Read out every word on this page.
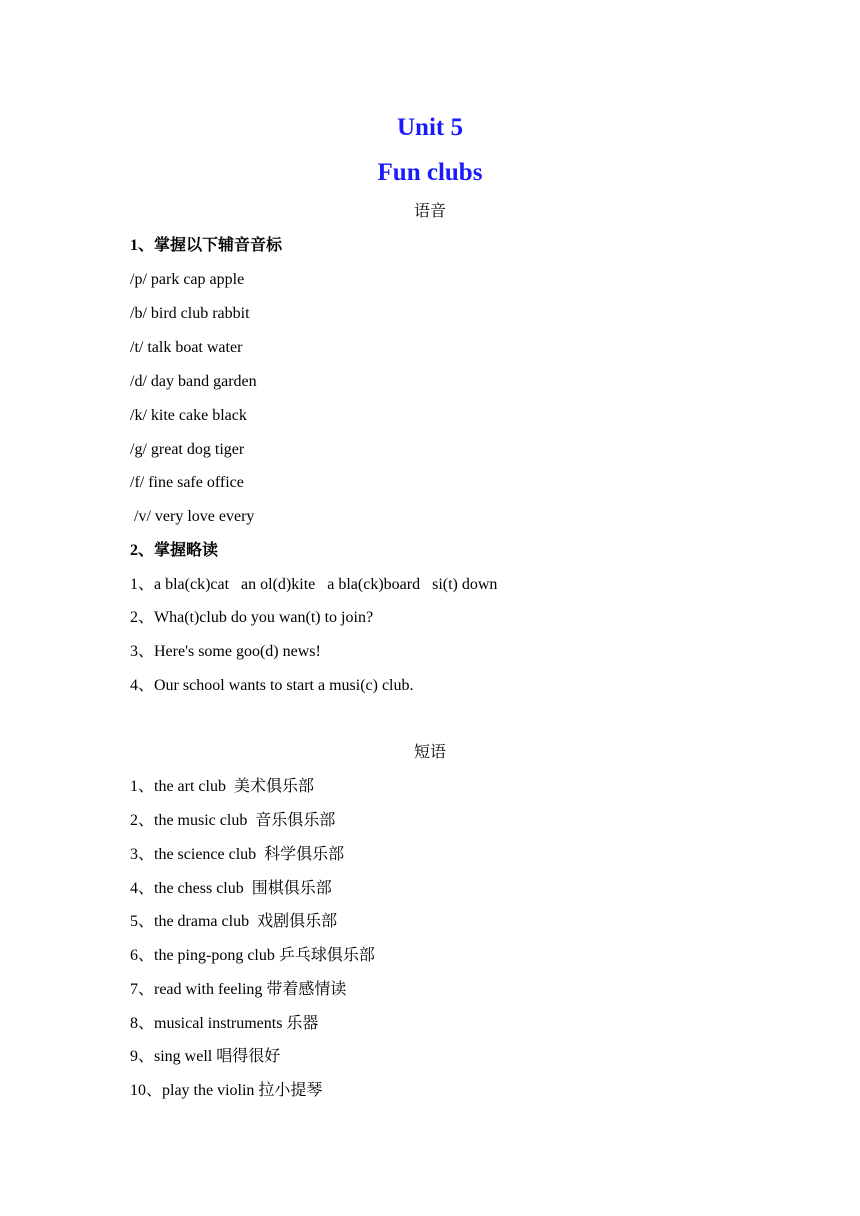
Unit 5
Fun clubs
语音
1、掌握以下辅音音标
/p/ park cap apple
/b/ bird club rabbit
/t/ talk boat water
/d/ day band garden
/k/ kite cake black
/g/ great dog tiger
/f/ fine safe office
/v/ very love every
2、掌握略读
1、a bla(ck)cat   an ol(d)kite   a bla(ck)board   si(t) down
2、Wha(t)club do you wan(t) to join?
3、Here's some goo(d) news!
4、Our school wants to start a musi(c) club.
短语
1、the art club  美术俱乐部
2、the music club  音乐俱乐部
3、the science club  科学俱乐部
4、the chess club  围棋俱乐部
5、the drama club  戏剧俱乐部
6、the ping-pong club 乒乓球俱乐部
7、read with feeling 带着感情读
8、musical instruments 乐器
9、sing well 唱得很好
10、play the violin 拉小提琴
